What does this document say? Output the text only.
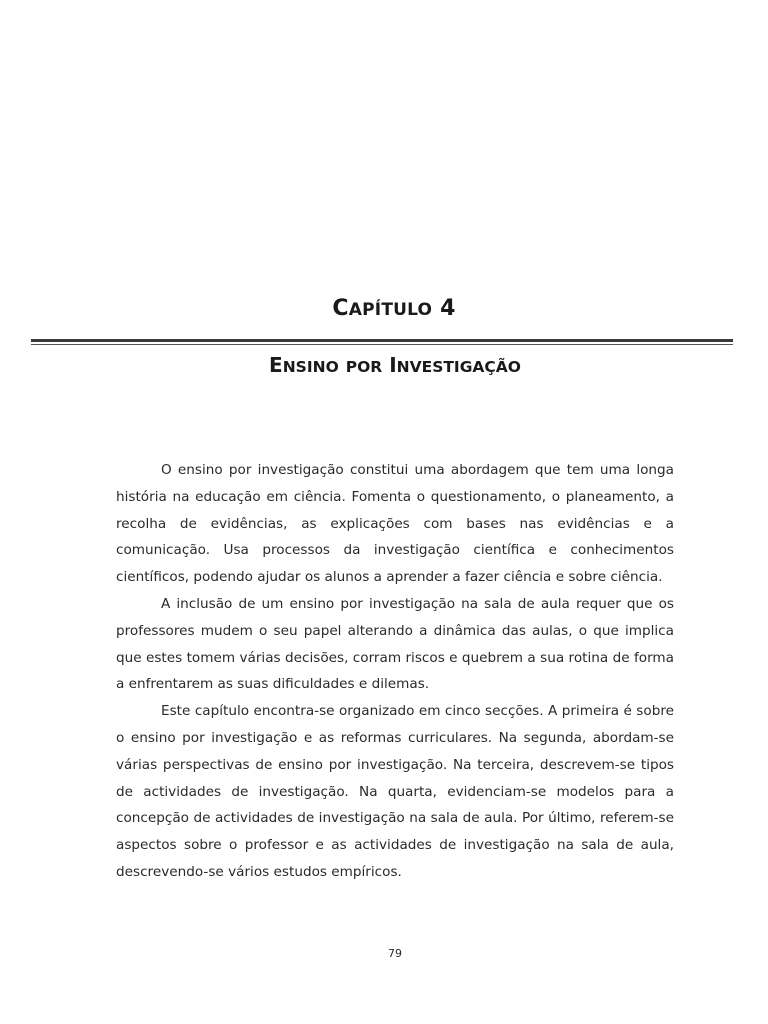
CAPÍTULO 4
ENSINO POR INVESTIGAÇÃO

O ensino por investigação constitui uma abordagem que tem uma longa história na educação em ciência. Fomenta o questionamento, o planeamento, a recolha de evidências, as explicações com bases nas evidências e a comunicação. Usa processos da investigação científica e conhecimentos científicos, podendo ajudar os alunos a aprender a fazer ciência e sobre ciência.

A inclusão de um ensino por investigação na sala de aula requer que os professores mudem o seu papel alterando a dinâmica das aulas, o que implica que estes tomem várias decisões, corram riscos e quebrem a sua rotina de forma a enfrentarem as suas dificuldades e dilemas.

Este capítulo encontra-se organizado em cinco secções. A primeira é sobre o ensino por investigação e as reformas curriculares. Na segunda, abordam-se várias perspectivas de ensino por investigação. Na terceira, descrevem-se tipos de actividades de investigação. Na quarta, evidenciam-se modelos para a concepção de actividades de investigação na sala de aula. Por último, referem-se aspectos sobre o professor e as actividades de investigação na sala de aula, descrevendo-se vários estudos empíricos.

79
